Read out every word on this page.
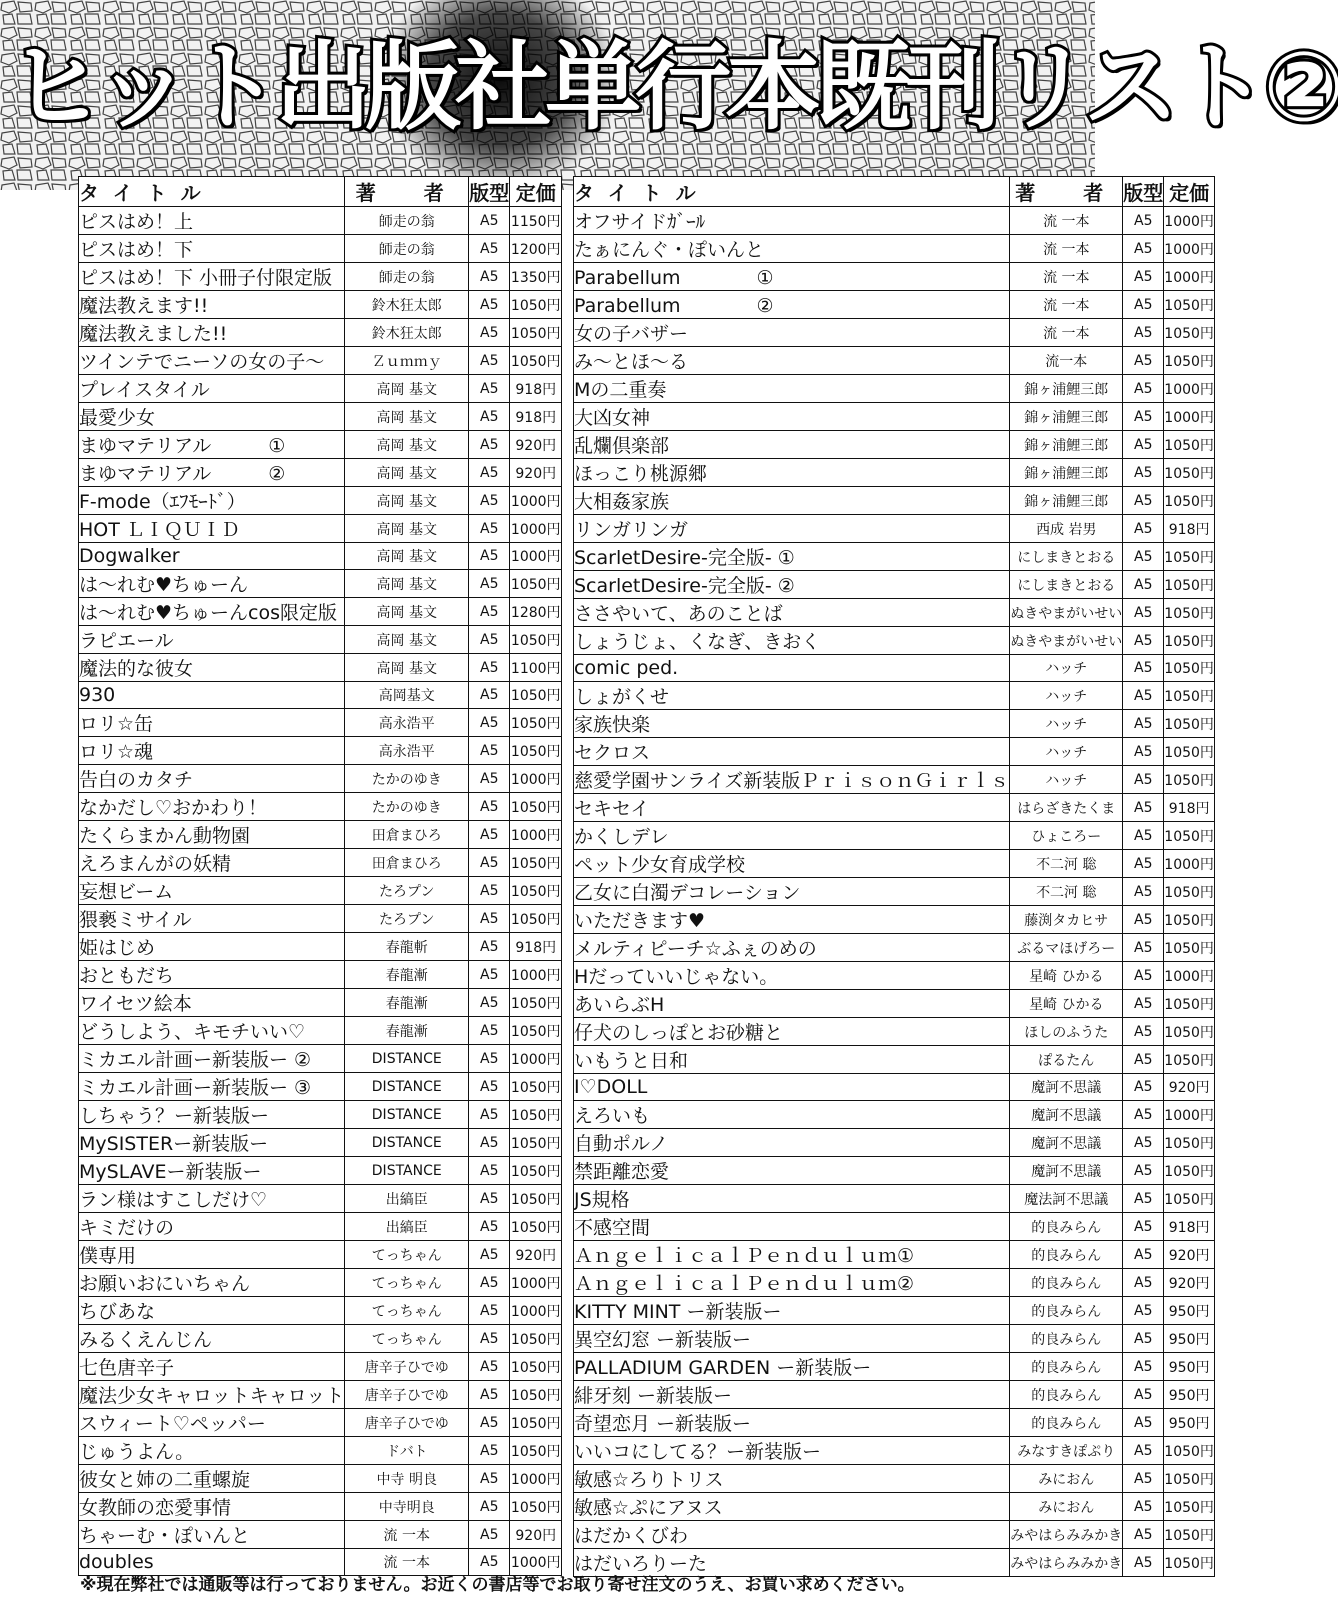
ヒット出版社単行本既刊リスト②
タイトル	著　者	版型	定価
ピスはめ！上	師走の翁	A5	1150円
ピスはめ！下	師走の翁	A5	1200円
ピスはめ！下 小冊子付限定版	師走の翁	A5	1350円
魔法教えます!!	鈴木狂太郎	A5	1050円
魔法教えました!!	鈴木狂太郎	A5	1050円
ツインテでニーソの女の子～	Ｚｕｍｍｙ	A5	1050円
プレイスタイル	高岡 基文	A5	918円
最愛少女	高岡 基文	A5	918円
まゆマテリアル　　　①	高岡 基文	A5	920円
まゆマテリアル　　　②	高岡 基文	A5	920円
F-mode（ｴﾌﾓｰﾄﾞ）	高岡 基文	A5	1000円
HOT ＬＩＱＵＩＤ	高岡 基文	A5	1000円
Dogwalker	高岡 基文	A5	1000円
は～れむ♥ちゅーん	高岡 基文	A5	1050円
は～れむ♥ちゅーんcos限定版	高岡 基文	A5	1280円
ラピエール	高岡 基文	A5	1050円
魔法的な彼女	高岡 基文	A5	1100円
930	高岡基文	A5	1050円
ロリ☆缶	高永浩平	A5	1050円
ロリ☆魂	高永浩平	A5	1050円
告白のカタチ	たかのゆき	A5	1000円
なかだし♡おかわり！	たかのゆき	A5	1050円
たくらまかん動物園	田倉まひろ	A5	1000円
えろまんがの妖精	田倉まひろ	A5	1050円
妄想ビーム	たろプン	A5	1050円
猥褻ミサイル	たろプン	A5	1050円
姫はじめ	春龍斬	A5	918円
おともだち	春龍漸	A5	1000円
ワイセツ絵本	春龍漸	A5	1050円
どうしよう、キモチいい♡	春龍漸	A5	1050円
ミカエル計画ー新装版ー ②	DISTANCE	A5	1000円
ミカエル計画ー新装版ー ③	DISTANCE	A5	1050円
しちゃう？ー新装版ー	DISTANCE	A5	1050円
MySISTERー新装版ー	DISTANCE	A5	1050円
MySLAVEー新装版ー	DISTANCE	A5	1050円
ラン様はすこしだけ♡	出縞臣	A5	1050円
キミだけの	出縞臣	A5	1050円
僕専用	てっちゃん	A5	920円
お願いおにいちゃん	てっちゃん	A5	1000円
ちびあな	てっちゃん	A5	1000円
みるくえんじん	てっちゃん	A5	1050円
七色唐辛子	唐辛子ひでゆ	A5	1050円
魔法少女キャロットキャロット	唐辛子ひでゆ	A5	1050円
スウィート♡ペッパー	唐辛子ひでゆ	A5	1050円
じゅうよん。	ドバト	A5	1050円
彼女と姉の二重螺旋	中寺 明良	A5	1000円
女教師の恋愛事情	中寺明良	A5	1050円
ちゃーむ・ぽいんと	流 一本	A5	920円
doubles	流 一本	A5	1000円
タイトル	著　者	版型	定価
オフサイドｶﾞｰﾙ	流 一本	A5	1000円
たぁにんぐ・ぽいんと	流 一本	A5	1000円
Parabellum　　　　①	流 一本	A5	1000円
Parabellum　　　　②	流 一本	A5	1050円
女の子バザー	流 一本	A5	1050円
み～とほ～る	流一本	A5	1050円
Mの二重奏	錦ヶ浦鯉三郎	A5	1000円
大凶女神	錦ヶ浦鯉三郎	A5	1000円
乱爛倶楽部	錦ヶ浦鯉三郎	A5	1050円
ほっこり桃源郷	錦ヶ浦鯉三郎	A5	1050円
大相姦家族	錦ヶ浦鯉三郎	A5	1050円
リンガリンガ	西成 岩男	A5	918円
ScarletDesire-完全版- ①	にしまきとおる	A5	1050円
ScarletDesire-完全版- ②	にしまきとおる	A5	1050円
ささやいて、あのことば	ぬきやまがいせい	A5	1050円
しょうじょ、くなぎ、きおく	ぬきやまがいせい	A5	1050円
comic ped.	ハッチ	A5	1050円
しょがくせ	ハッチ	A5	1050円
家族快楽	ハッチ	A5	1050円
セクロス	ハッチ	A5	1050円
慈愛学園サンライズ新装版ＰｒｉｓｏｎＧｉｒｌｓ	ハッチ	A5	1050円
セキセイ	はらざきたくま	A5	918円
かくしデレ	ひょころー	A5	1050円
ペット少女育成学校	不二河 聡	A5	1000円
乙女に白濁デコレーション	不二河 聡	A5	1050円
いただきます♥	藤渕タカヒサ	A5	1050円
メルティピーチ☆ふぇのめの	ぶるマほげろー	A5	1050円
Hだっていいじゃない。	星崎 ひかる	A5	1000円
あいらぶH	星崎 ひかる	A5	1050円
仔犬のしっぽとお砂糖と	ほしのふうた	A5	1050円
いもうと日和	ぽるたん	A5	1050円
I♡DOLL	魔訶不思議	A5	920円
えろいも	魔訶不思議	A5	1000円
自動ポルノ	魔訶不思議	A5	1050円
禁距離恋愛	魔訶不思議	A5	1050円
JS規格	魔法訶不思議	A5	1050円
不感空間	的良みらん	A5	918円
ＡｎｇｅｌｉｃａｌＰｅｎｄｕｌｕｍ①	的良みらん	A5	920円
ＡｎｇｅｌｉｃａｌＰｅｎｄｕｌｕｍ②	的良みらん	A5	920円
KITTY MINT ー新装版ー	的良みらん	A5	950円
異空幻窓 ー新装版ー	的良みらん	A5	950円
PALLADIUM GARDEN ー新装版ー	的良みらん	A5	950円
緋牙刻 ー新装版ー	的良みらん	A5	950円
奇望恋月 ー新装版ー	的良みらん	A5	950円
いいコにしてる？ー新装版ー	みなすきぽぷり	A5	1050円
敏感☆ろりトリス	みにおん	A5	1050円
敏感☆ぷにアヌス	みにおん	A5	1050円
はだかくびわ	みやはらみみかき	A5	1050円
はだいろりーた	みやはらみみかき	A5	1050円
※現在弊社では通販等は行っておりません。お近くの書店等でお取り寄せ注文のうえ、お買い求めください。
